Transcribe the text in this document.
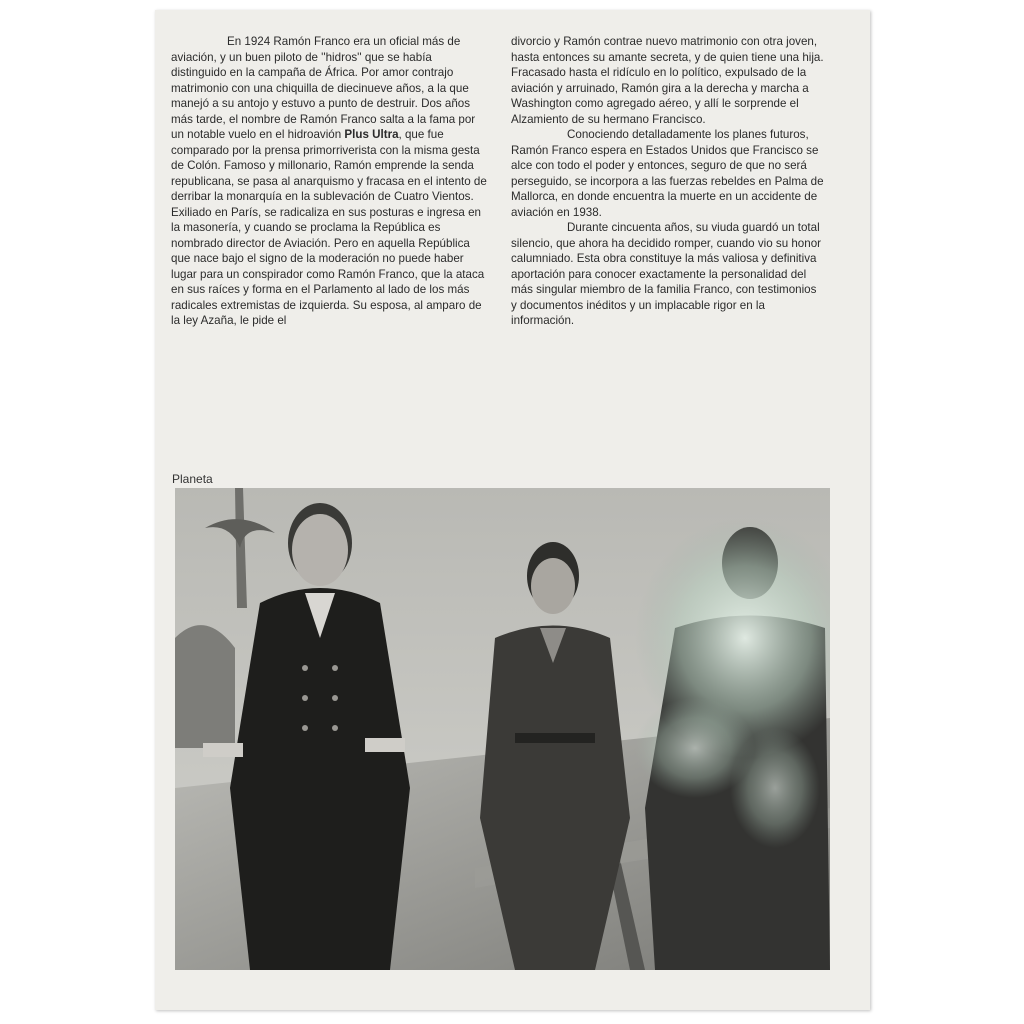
En 1924 Ramón Franco era un oficial más de aviación, y un buen piloto de ''hidros'' que se había distinguido en la campaña de África. Por amor contrajo matrimonio con una chiquilla de diecinueve años, a la que manejó a su antojo y estuvo a punto de destruir. Dos años más tarde, el nombre de Ramón Franco salta a la fama por un notable vuelo en el hidroavión Plus Ultra, que fue comparado por la prensa primorriverista con la misma gesta de Colón. Famoso y millonario, Ramón emprende la senda republicana, se pasa al anarquismo y fracasa en el intento de derribar la monarquía en la sublevación de Cuatro Vientos. Exiliado en París, se radicaliza en sus posturas e ingresa en la masonería, y cuando se proclama la República es nombrado director de Aviación. Pero en aquella República que nace bajo el signo de la moderación no puede haber lugar para un conspirador como Ramón Franco, que la ataca en sus raíces y forma en el Parlamento al lado de los más radicales extremistas de izquierda. Su esposa, al amparo de la ley Azaña, le pide el

divorcio y Ramón contrae nuevo matrimonio con otra joven, hasta entonces su amante secreta, y de quien tiene una hija. Fracasado hasta el ridículo en lo político, expulsado de la aviación y arruinado, Ramón gira a la derecha y marcha a Washington como agregado aéreo, y allí le sorprende el Alzamiento de su hermano Francisco.

Conociendo detalladamente los planes futuros, Ramón Franco espera en Estados Unidos que Francisco se alce con todo el poder y entonces, seguro de que no será perseguido, se incorpora a las fuerzas rebeldes en Palma de Mallorca, en donde encuentra la muerte en un accidente de aviación en 1938.

Durante cincuenta años, su viuda guardó un total silencio, que ahora ha decidido romper, cuando vio su honor calumniado. Esta obra constituye la más valiosa y definitiva aportación para conocer exactamente la personalidad del más singular miembro de la familia Franco, con testimonios y documentos inéditos y un implacable rigor en la información.

Planeta
